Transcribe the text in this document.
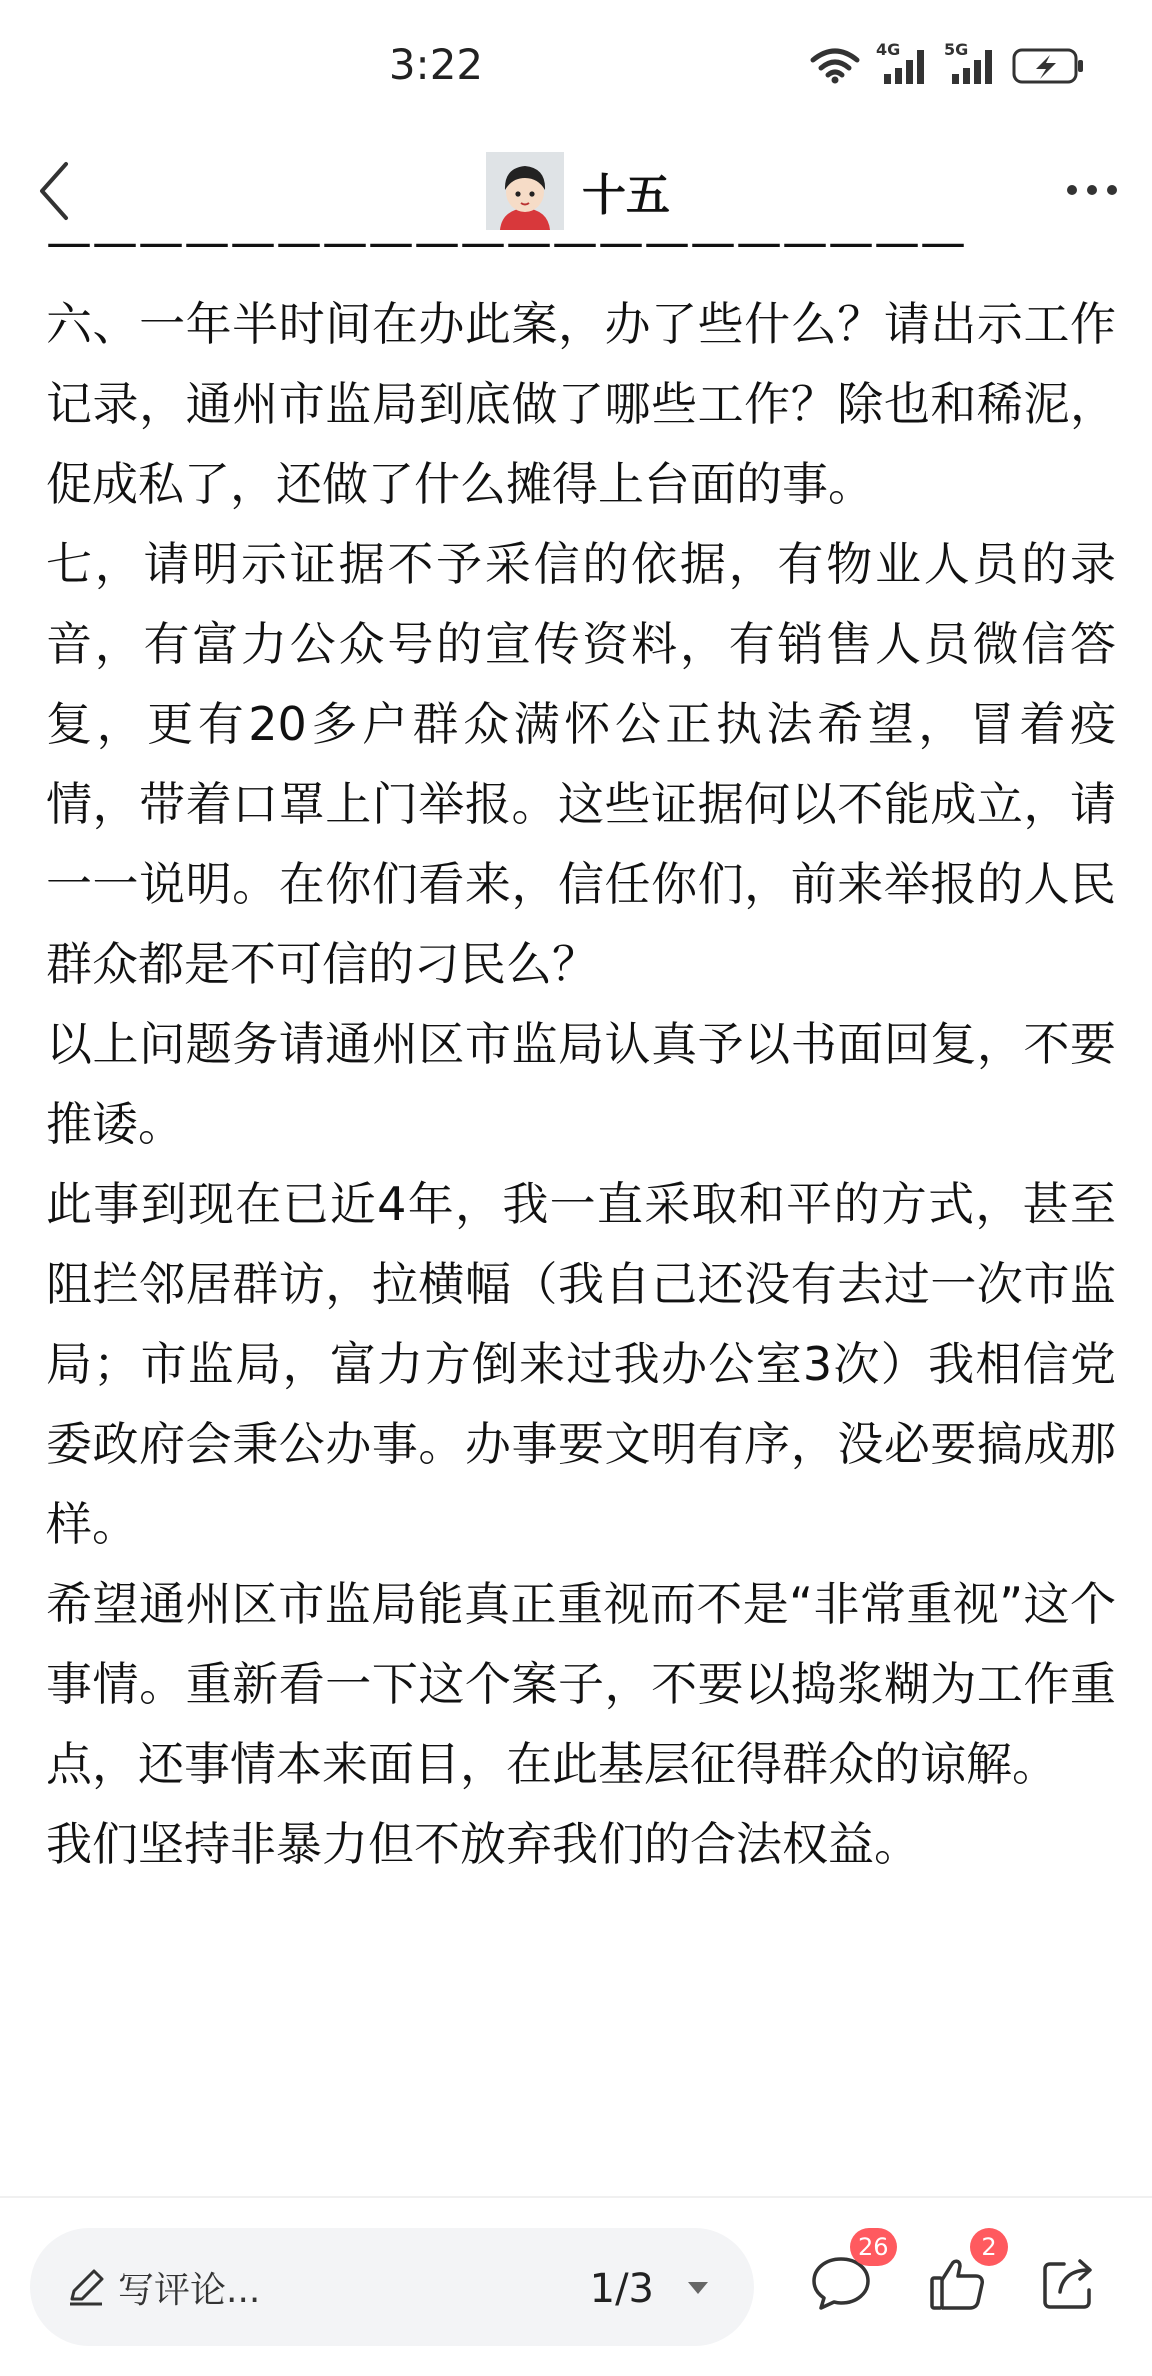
3:22	4G	5G
十五
————————————————————

六、一年半时间在办此案，办了些什么？请出示工作记录，通州市监局到底做了哪些工作？除也和稀泥，促成私了，还做了什么摊得上台面的事。

七，请明示证据不予采信的依据，有物业人员的录音，有富力公众号的宣传资料，有销售人员微信答复，更有20多户群众满怀公正执法希望，冒着疫情，带着口罩上门举报。这些证据何以不能成立，请一一说明。在你们看来，信任你们，前来举报的人民群众都是不可信的刁民么？

以上问题务请通州区市监局认真予以书面回复，不要推诿。

此事到现在已近4年，我一直采取和平的方式，甚至阻拦邻居群访，拉横幅（我自己还没有去过一次市监局；市监局，富力方倒来过我办公室3次）我相信党委政府会秉公办事。办事要文明有序，没必要搞成那样。

希望通州区市监局能真正重视而不是“非常重视”这个事情。重新看一下这个案子，不要以捣浆糊为工作重点，还事情本来面目，在此基层征得群众的谅解。

我们坚持非暴力但不放弃我们的合法权益。

写评论...	1/3
26	2
